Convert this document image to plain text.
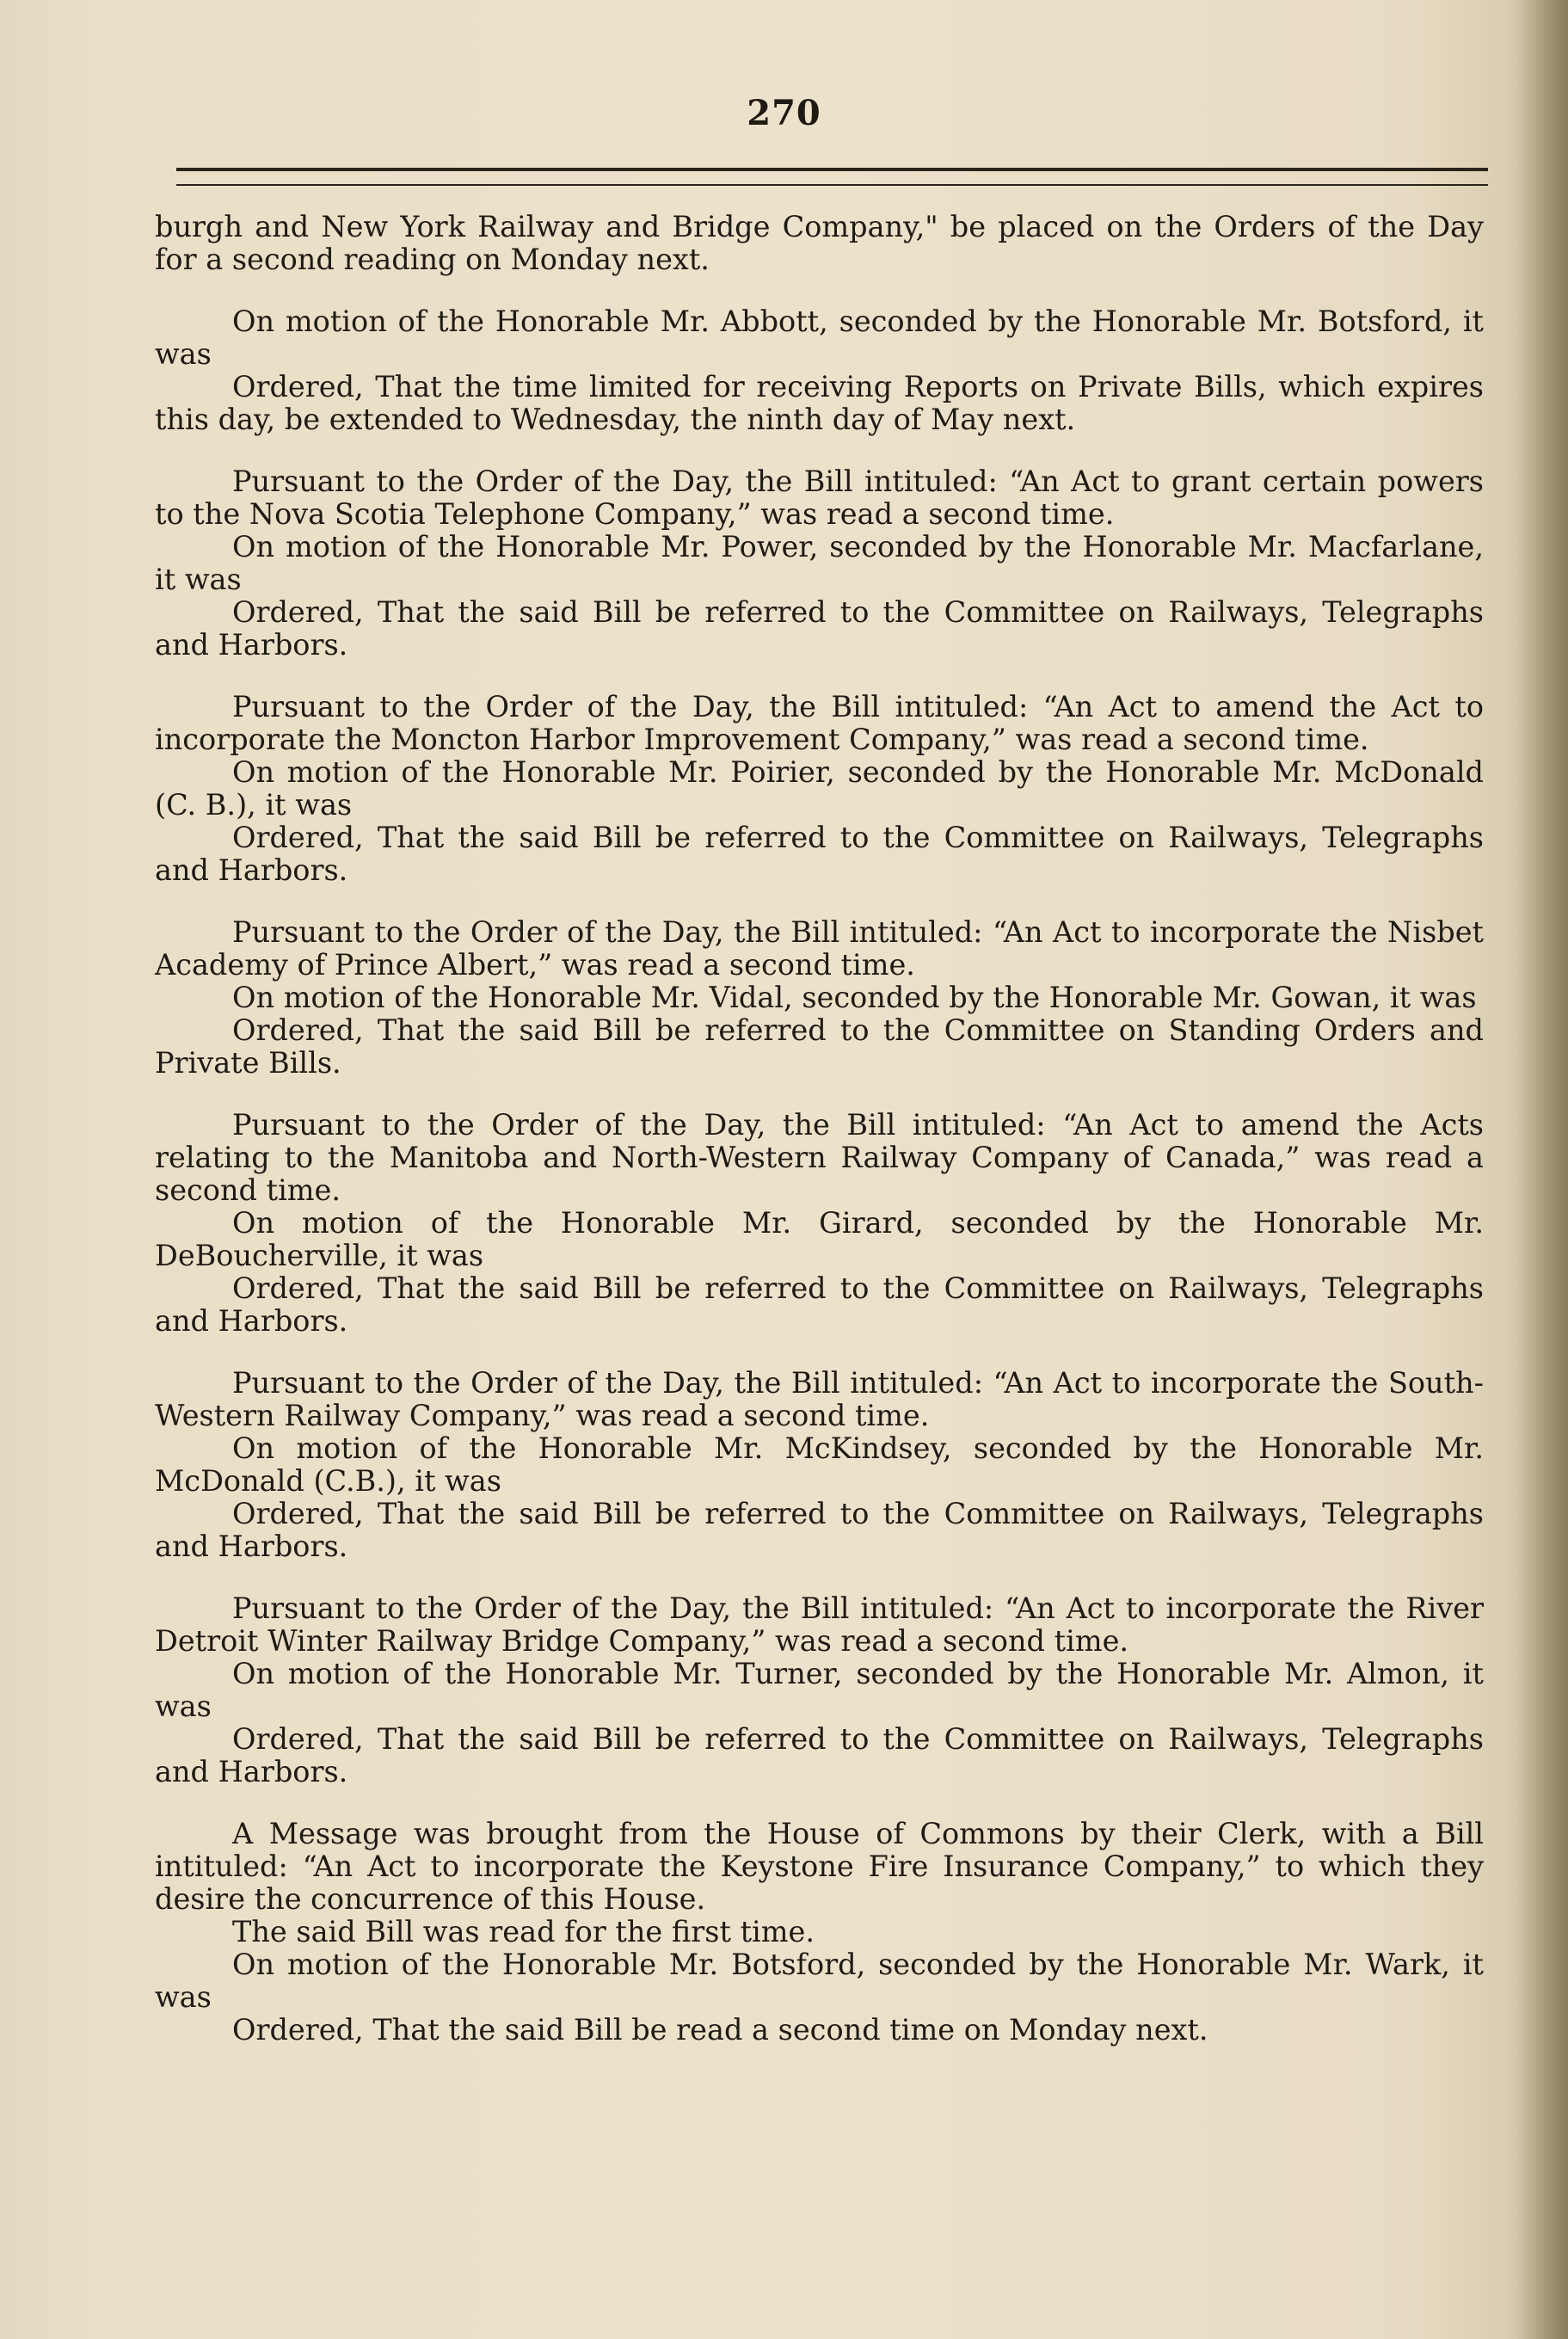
270

burgh and New York Railway and Bridge Company," be placed on the Orders of the Day for a second reading on Monday next.

On motion of the Honorable Mr. Abbott, seconded by the Honorable Mr. Botsford, it was

Ordered, That the time limited for receiving Reports on Private Bills, which expires this day, be extended to Wednesday, the ninth day of May next.

Pursuant to the Order of the Day, the Bill intituled: “An Act to grant certain powers to the Nova Scotia Telephone Company,” was read a second time.

On motion of the Honorable Mr. Power, seconded by the Honorable Mr. Macfarlane, it was

Ordered, That the said Bill be referred to the Committee on Railways, Telegraphs and Harbors.

Pursuant to the Order of the Day, the Bill intituled: “An Act to amend the Act to incorporate the Moncton Harbor Improvement Company,” was read a second time.

On motion of the Honorable Mr. Poirier, seconded by the Honorable Mr. McDonald (C. B.), it was

Ordered, That the said Bill be referred to the Committee on Railways, Telegraphs and Harbors.

Pursuant to the Order of the Day, the Bill intituled: “An Act to incorporate the Nisbet Academy of Prince Albert,” was read a second time.

On motion of the Honorable Mr. Vidal, seconded by the Honorable Mr. Gowan, it was

Ordered, That the said Bill be referred to the Committee on Standing Orders and Private Bills.

Pursuant to the Order of the Day, the Bill intituled: “An Act to amend the Acts relating to the Manitoba and North-Western Railway Company of Canada,” was read a second time.

On motion of the Honorable Mr. Girard, seconded by the Honorable Mr. DeBoucherville, it was

Ordered, That the said Bill be referred to the Committee on Railways, Telegraphs and Harbors.

Pursuant to the Order of the Day, the Bill intituled: “An Act to incorporate the South-Western Railway Company,” was read a second time.

On motion of the Honorable Mr. McKindsey, seconded by the Honorable Mr. McDonald (C.B.), it was

Ordered, That the said Bill be referred to the Committee on Railways, Telegraphs and Harbors.

Pursuant to the Order of the Day, the Bill intituled: “An Act to incorporate the River Detroit Winter Railway Bridge Company,” was read a second time.

On motion of the Honorable Mr. Turner, seconded by the Honorable Mr. Almon, it was

Ordered, That the said Bill be referred to the Committee on Railways, Telegraphs and Harbors.

A Message was brought from the House of Commons by their Clerk, with a Bill intituled: “An Act to incorporate the Keystone Fire Insurance Company,” to which they desire the concurrence of this House.

The said Bill was read for the first time.

On motion of the Honorable Mr. Botsford, seconded by the Honorable Mr. Wark, it was

Ordered, That the said Bill be read a second time on Monday next.
